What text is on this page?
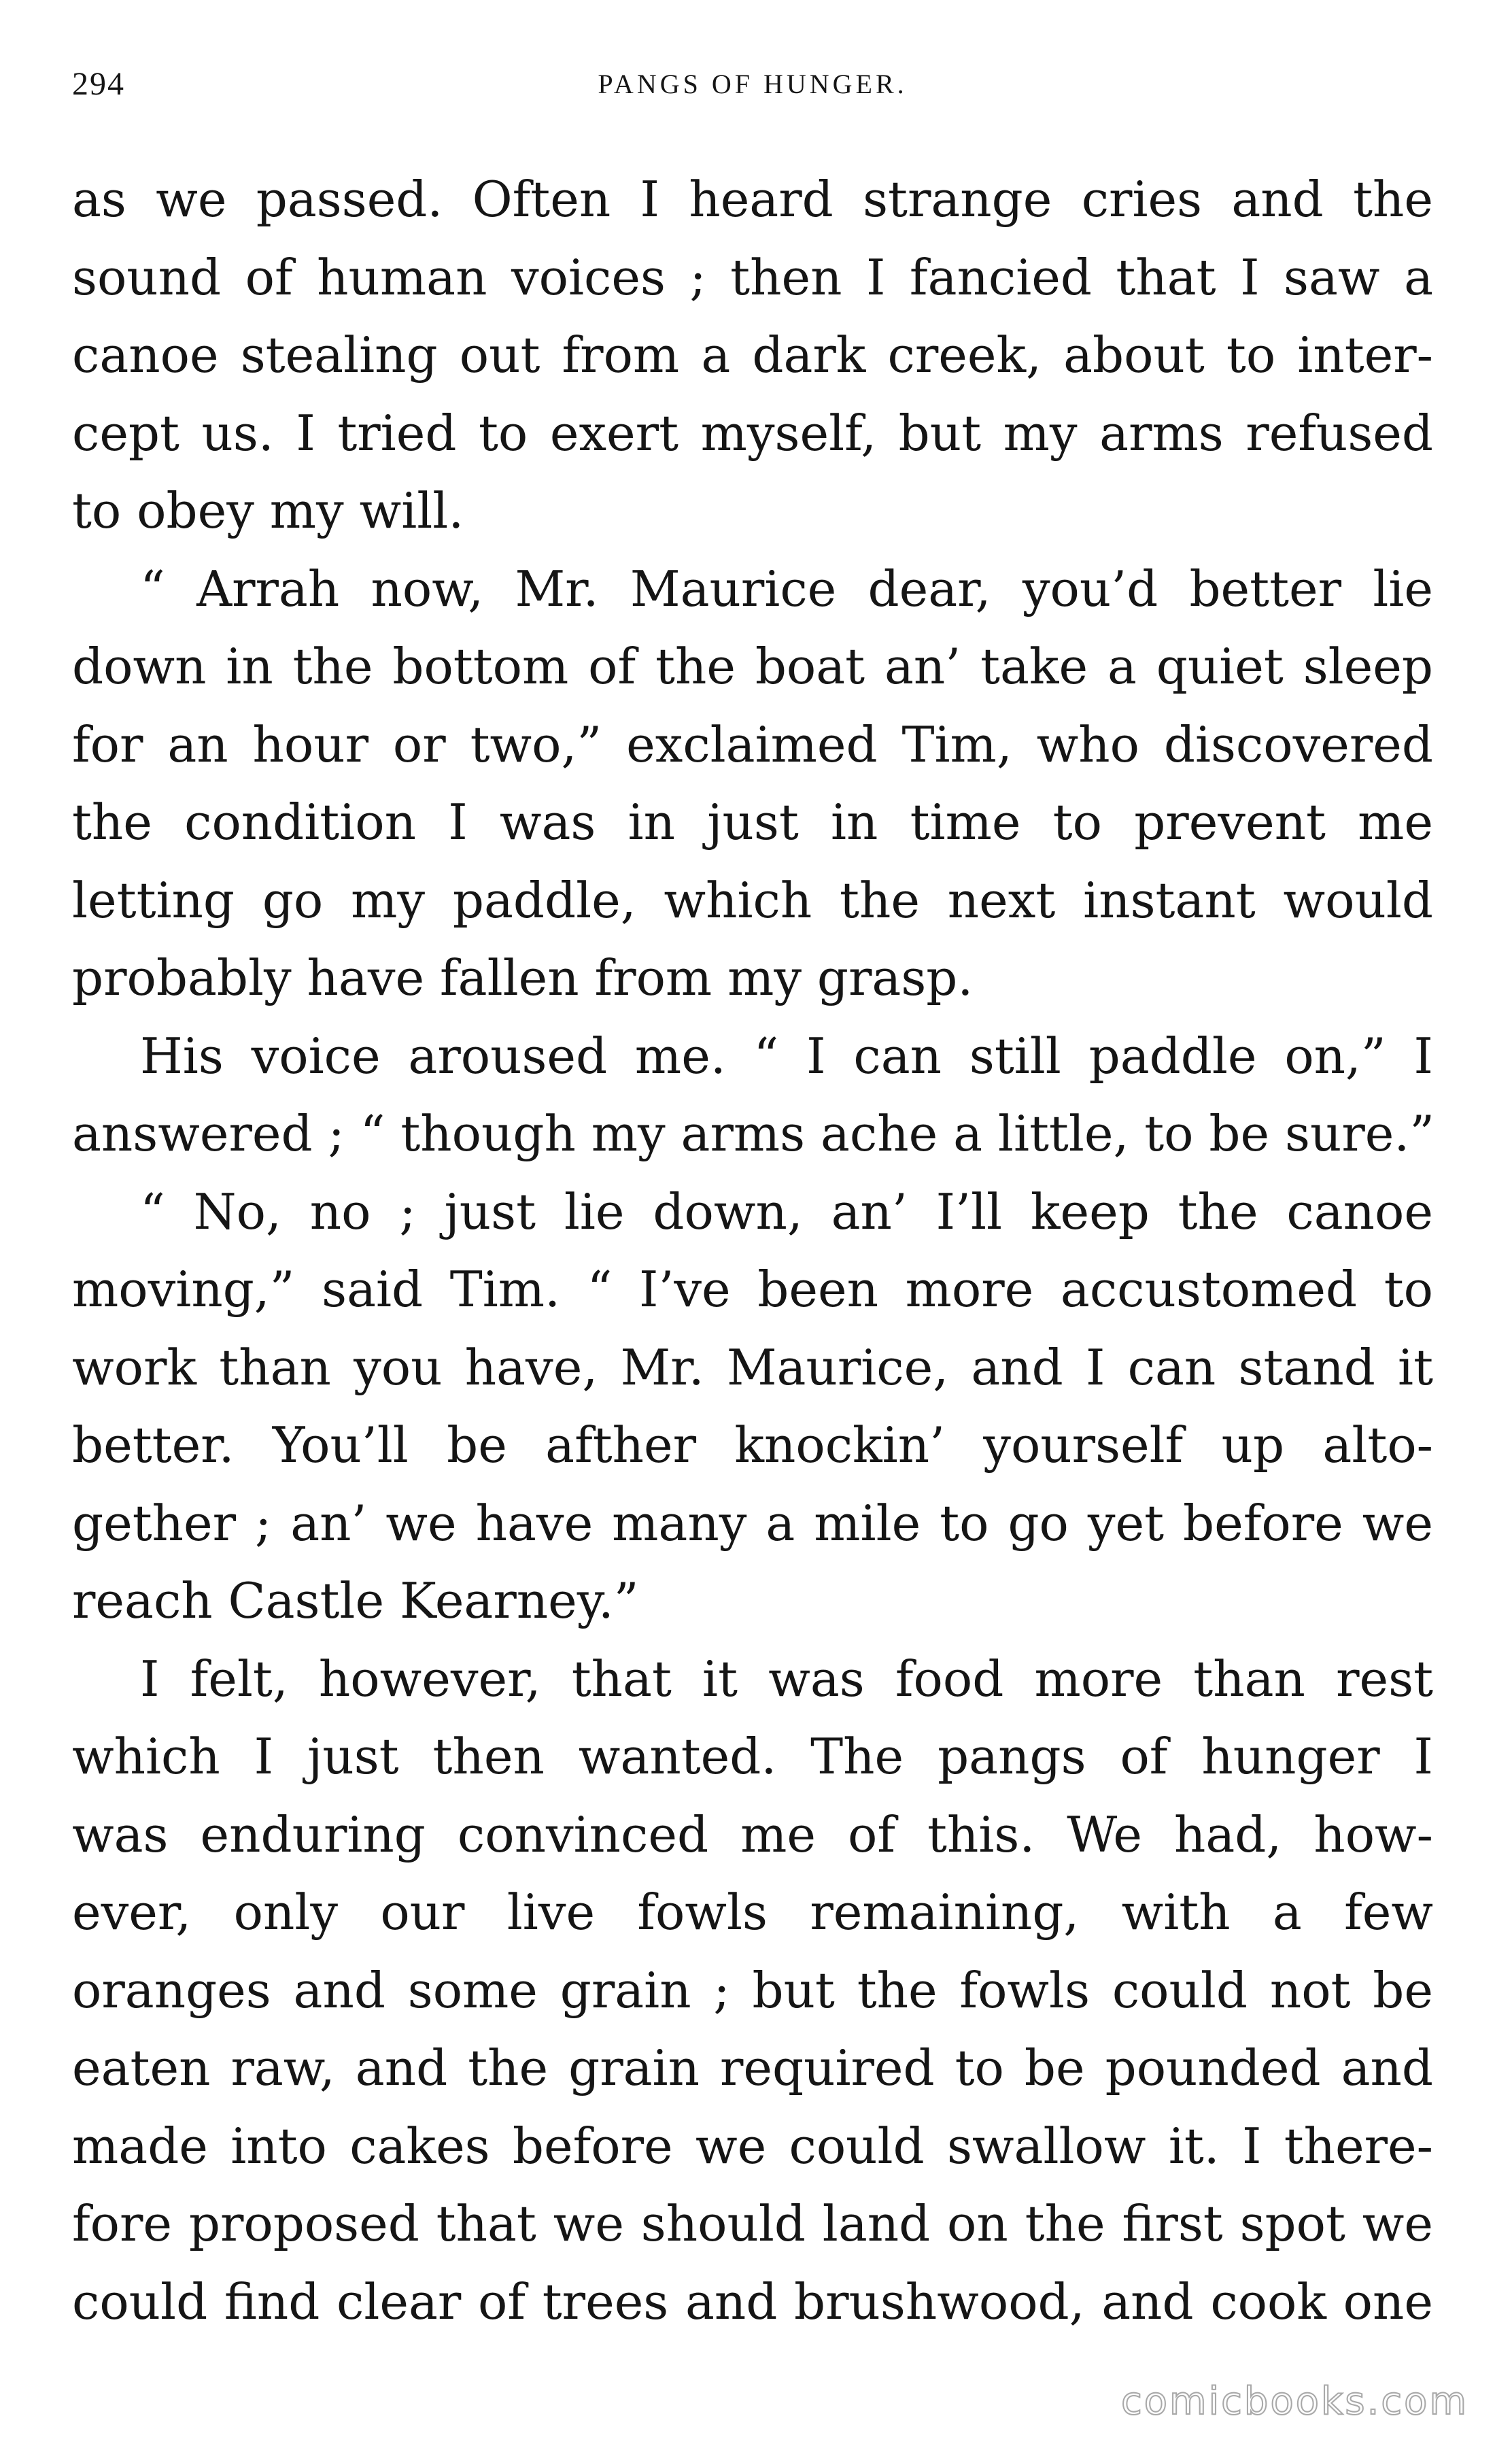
294	PANGS OF HUNGER.
as we passed. Often I heard strange cries and the
sound of human voices ; then I fancied that I saw a
canoe stealing out from a dark creek, about to inter-
cept us. I tried to exert myself, but my arms refused
to obey my will.
“ Arrah now, Mr. Maurice dear, you’d better lie
down in the bottom of the boat an’ take a quiet sleep
for an hour or two,” exclaimed Tim, who discovered
the condition I was in just in time to prevent me
letting go my paddle, which the next instant would
probably have fallen from my grasp.
His voice aroused me. “ I can still paddle on,” I
answered ; “ though my arms ache a little, to be sure.”
“ No, no ; just lie down, an’ I’ll keep the canoe
moving,” said Tim. “ I’ve been more accustomed to
work than you have, Mr. Maurice, and I can stand it
better. You’ll be afther knockin’ yourself up alto-
gether ; an’ we have many a mile to go yet before we
reach Castle Kearney.”
I felt, however, that it was food more than rest
which I just then wanted. The pangs of hunger I
was enduring convinced me of this. We had, how-
ever, only our live fowls remaining, with a few
oranges and some grain ; but the fowls could not be
eaten raw, and the grain required to be pounded and
made into cakes before we could swallow it. I there-
fore proposed that we should land on the first spot we
could find clear of trees and brushwood, and cook one
comicbooks.com
